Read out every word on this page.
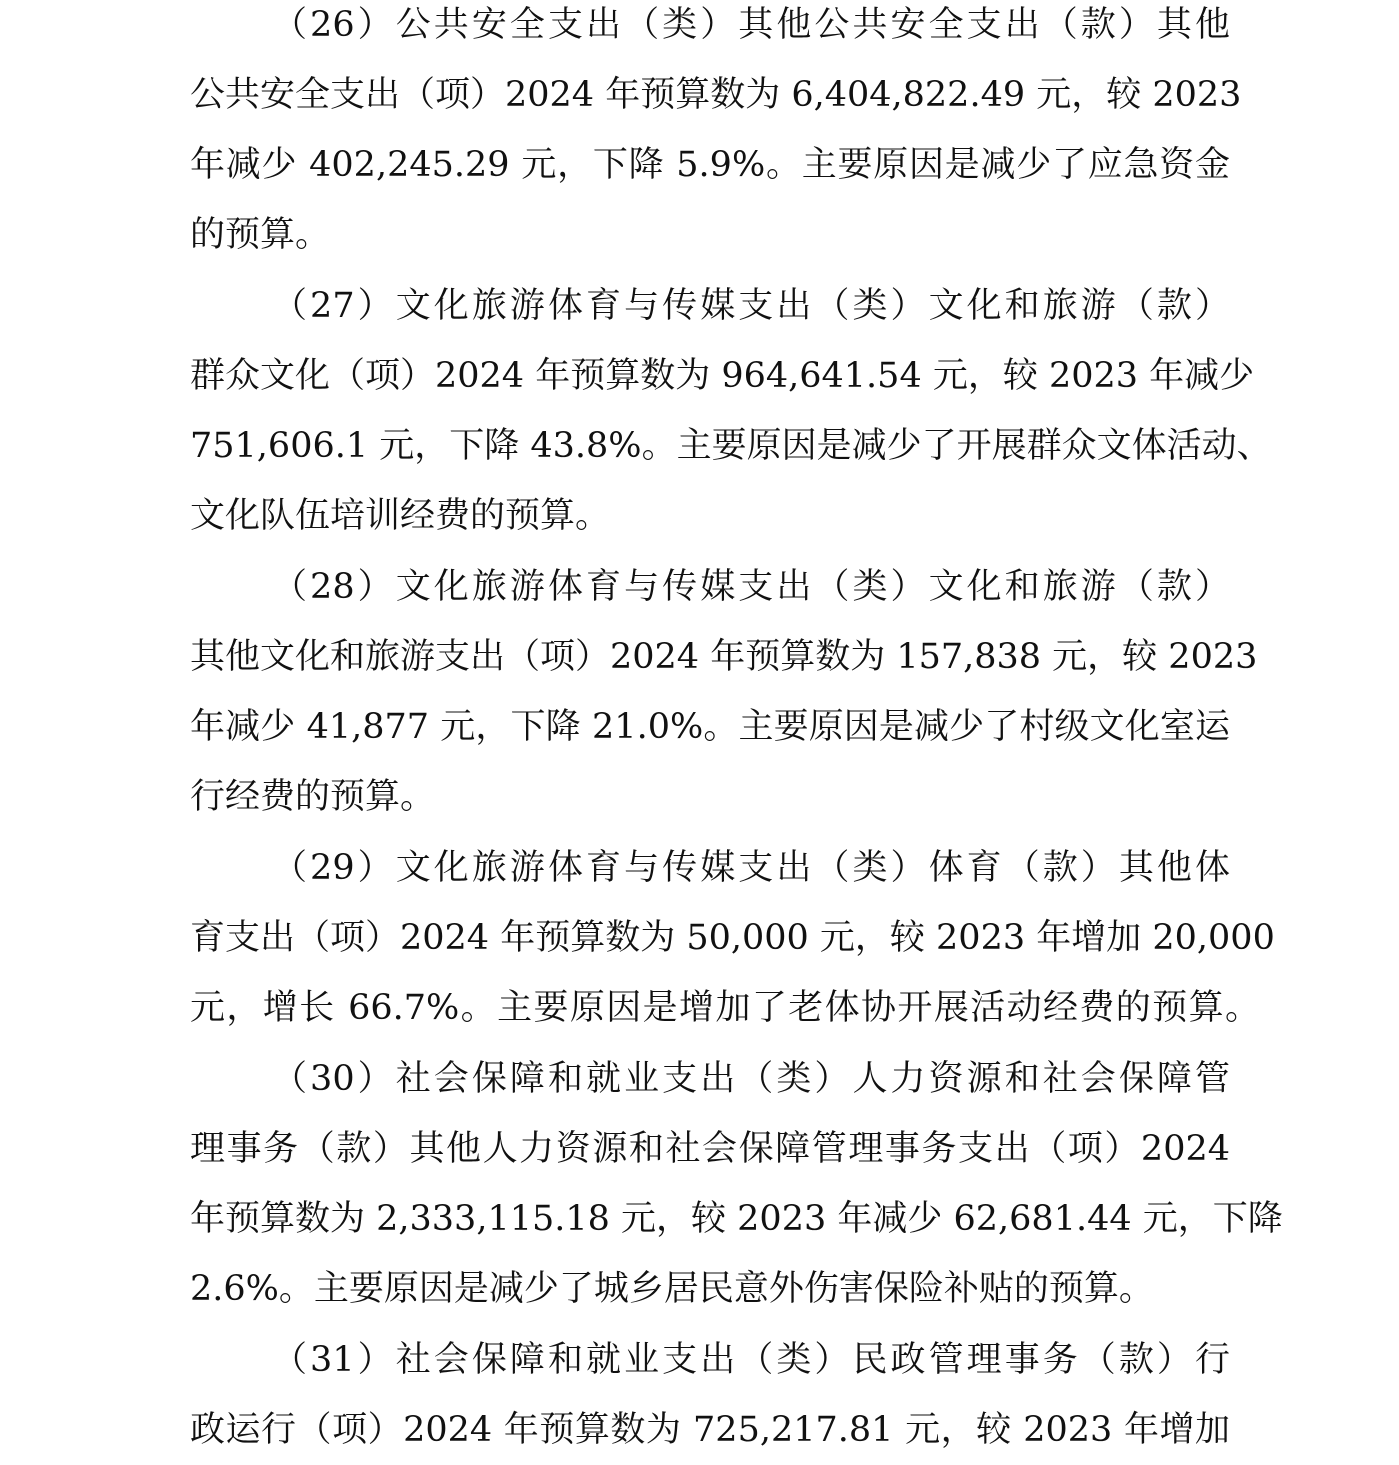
（26）公共安全支出（类）其他公共安全支出（款）其他
公共安全支出（项）2024 年预算数为 6,404,822.49 元，较 2023
年减少 402,245.29 元，下降 5.9%。主要原因是减少了应急资金
的预算。
（27）文化旅游体育与传媒支出（类）文化和旅游（款）
群众文化（项）2024 年预算数为 964,641.54 元，较 2023 年减少
751,606.1 元，下降 43.8%。主要原因是减少了开展群众文体活动、
文化队伍培训经费的预算。
（28）文化旅游体育与传媒支出（类）文化和旅游（款）
其他文化和旅游支出（项）2024 年预算数为 157,838 元，较 2023
年减少 41,877 元，下降 21.0%。主要原因是减少了村级文化室运
行经费的预算。
（29）文化旅游体育与传媒支出（类）体育（款）其他体
育支出（项）2024 年预算数为 50,000 元，较 2023 年增加 20,000
元，增长 66.7%。主要原因是增加了老体协开展活动经费的预算。
（30）社会保障和就业支出（类）人力资源和社会保障管
理事务（款）其他人力资源和社会保障管理事务支出（项）2024
年预算数为 2,333,115.18 元，较 2023 年减少 62,681.44 元，下降
2.6%。主要原因是减少了城乡居民意外伤害保险补贴的预算。
（31）社会保障和就业支出（类）民政管理事务（款）行
政运行（项）2024 年预算数为 725,217.81 元，较 2023 年增加
